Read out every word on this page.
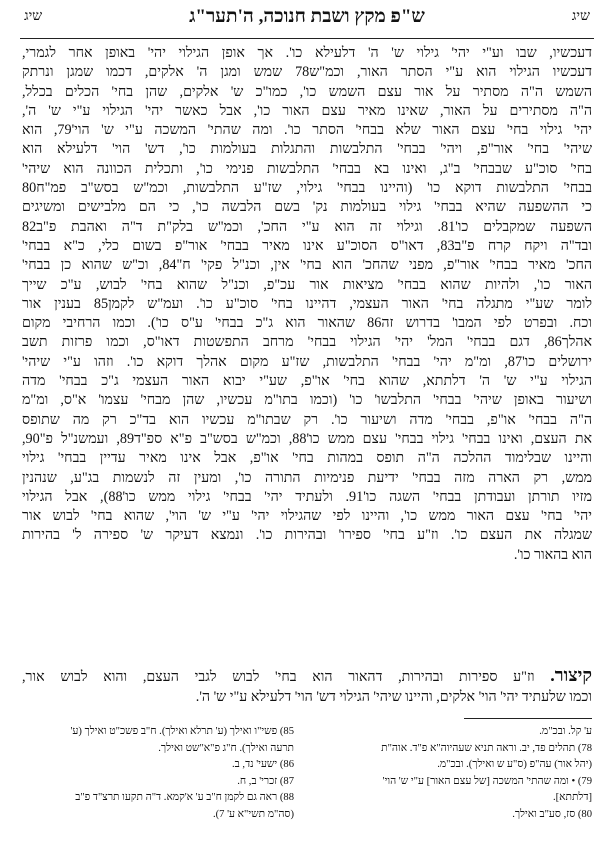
שיג
ש"פ מקץ ושבת חנוכה, ה'תער"ג
שיג
דעכשיו, שבו וע"י יהי' גילוי ש' ה' דלעילא כו'. אך אופן הגילוי יהי' באופן אחר לגמרי,
דעכשיו הגילוי הוא ע"י הסתר האור, וכמ"ש78 שמש ומגן ה' אלקים, דכמו שמגן ונרתק
השמש ה"ה מסתיר על אור עצם השמש כו', כמו"כ ש' אלקים, שהן בחי' הכלים בכלל,
ה"ה מסתירים על האור, שאינו מאיר עצם האור כו', אבל כאשר יהי' הגילוי ע"י ש' ה',
יהי' גילוי בחי' עצם האור שלא בבחי' הסתר כו'. ומה שהתי' המשכה ע"י ש' הוי'79, הוא
שיהי' בחי' אור"פ, ויהי' בבחי' התלבשות והתגלות בעולמות כו', דש' הוי' דלעילא הוא
בחי' סוכ"ע שבבחי' ב"ג, ואינו בא בבחי' התלבשות פנימי כו', ותכלית הכוונה הוא שיהי'
בבחי' התלבשות דוקא כו' (והיינו בבחי' גילוי, שז"ע התלבשות, וכמ"ש בסש"ב פמ"ח80
כי ההשפעה שהיא בבחי' גילוי בעולמות נק' בשם הלבשה כו', כי הם מלבישים ומשיגים
השפעה שמקבלים כו'81. וגילוי זה הוא ע"י החכ', וכמ"ש בלק"ת ד"ה ואהבת פ"ב82
ובד"ה ויקח קרח פ"ב83, דאו"ס הסוכ"ע אינו מאיר בבחי' אור"פ בשום כלי, כ"א בבחי'
החכ' מאיר בבחי' אור"פ, מפני שהחכ' הוא בחי' אין, וכנ"ל פקי' ח"84, וכ"ש שהוא כן בבחי'
האור כו', ולהיות שהוא בבחי' מציאות אור עכ"פ, וכנ"ל שהוא בחי' לבוש, ע"כ שייך
לומר שע"י מתגלה בחי' האור העצמי, דהיינו בחי' סוכ"ע כו'. ועמ"ש לקמן85 בענין אור
וכח. ובפרט לפי המבו' בדרוש זה86 שהאור הוא ג"כ בבחי' ע"ס כו'). וכמו הרחיבי מקום
אהלך86, דגם בבחי' המל' יהי' הגילוי בבחי' מרחב התפשטות דאו"ס, וכמו פרזות תשב
ירושלים כו'87, ומ"מ יהי' בבחי' התלבשות, שז"ע מקום אהלך דוקא כו'. וזהו ע"י שיהי'
הגילוי ע"י ש' ה' דלתתא, שהוא בחי' או"פ, שע"י יבוא האור העצמי ג"כ בבחי' מדה
ושיעור באופן שיהי' בבחי' התלבשו' כו' (וכמו בתו"מ עכשיו, שהן מבחי' עצמו' א"ס, ומ"מ
ה"ה בבחי' או"פ, בבחי' מדה ושיעור כו'. רק שבתו"מ עכשיו הוא בד"כ רק מה שתופס
את העצם, ואינו בבחי' גילוי בבחי' עצם ממש כו'88, וכמ"ש בסש"ב פ"א ספ"ד89, ועמשנ"ל פ"90,
והיינו שבלימוד ההלכה ה"ה תופס במהות בחי' או"פ, אבל אינו מאיר עדיין בבחי' גילוי
ממש, רק הארה מזה בבחי' ידיעת פנימיות התורה כו', ומעין זה לנשמות בג"ע, שנהנין
מזיו תורתן ועבודתן בבחי' השגה כו'91. ולעתיד יהי' בבחי' גילוי ממש כו'88), אבל הגילוי
יהי' בחי' עצם האור ממש כו', והיינו לפי שהגילוי יהי' ע"י ש' הוי', שהוא בחי' לבוש אור
שמגלה את העצם כו'. וז"ע בחי' ספירו' ובהירות כו'. ונמצא דעיקר ש' ספירה ל' בהירות
הוא בהאור כו'.
קיצור. וז"ע ספירות ובהירות, דהאור הוא בחי' לבוש לגבי העצם, והוא לבוש אור,
וכמו שלעתיד יהי' הוי' אלקים, והיינו שיהי' הגילוי דש' הוי' דלעילא ע"י ש' ה'.
ע' קל. ובכ"מ.
78) תהלים פד, יב. וראה תניא שעהיוה"א פ"ד. אוה"ת
(יהל אור) עה"פ (ס"ע ש ואילך). ובכ"מ.
79) • ומה שהתי' המשכה [של עצם האור] ע"י ש' הוי'
[דלתתא].
80) סז, סע"ב ואילך.
85) פשי"ו ואילך (ע' תרלא ואילך). ח"ב פשכ"ט ואילך (ע'
תרעה ואילך). ח"ג פ"א"שט ואילך.
86) ישעי' נד, ב.
87) זכרי' ב, ח.
88) ראה גם לקמן ח"ב ע' א'קמא. ד"ה תקעו תרצ"ד פ"ב
(סה"מ תשי"א ע' 7).
